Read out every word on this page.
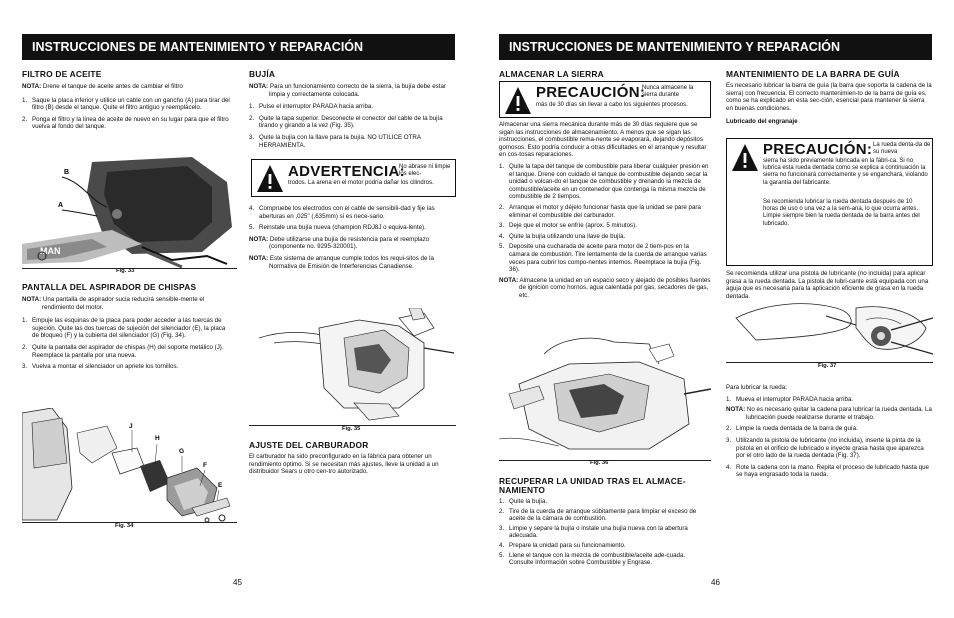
INSTRUCCIONES DE MANTENIMIENTO Y REPARACIÓN
FILTRO DE ACEITE
NOTA: Drene el tanque de aceite antes de cambiar el filtro
1. Saque la placa inferior y utilice un cable con un gancho (A) para tirar del filtro (B) desde el tanque. Quite el filtro antiguo y reemplácelo.
2. Ponga el filtro y la línea de aceite de nuevo en su lugar para que el filtro vuelva al fondo del tanque.
MAN
B
A
Fig. 33
PANTALLA DEL ASPIRADOR DE CHISPAS
NOTA: Una pantalla de aspirador sucia reducirá sensible-mente el rendimiento del motor.
1. Empuje las esquinas de la placa para poder acceder a las tuercas de sujeción. Quite las dos tuercas de sujeción del silenciador (E), la placa de bloqueo (F) y la cubierta del silenciador (G) (Fig. 34).
2. Quite la pantalla del aspirador de chispas (H) del soporte metálico (J). Reemplace la pantalla por una nueva.
3. Vuelva a montar el silenciador un apriete los tornillos.
J
H
G
F
E
Fig. 34
BUJÍA
NOTA: Para un funcionamiento correcto de la sierra, la bujía debe estar limpia y correctamente colocada.
1. Pulse el interruptor PARADA hacia arriba.
2. Quite la tapa superior. Desconecte el conector del cable de la bujía tirando y girando a la vez (Fig. 35).
3. Quite la bujía con la llave para la bujía. NO UTILICE OTRA HERRAMIENTA.
ADVERTENCIA:
No abrase ni limpie los elec-
trodos. La arena en el motor podría dañar los cilindros.
4. Compruebe los electrodos con el cable de sensibili-dad y fije las aberturas en ,025" (,635mm) si es nece-sario.
5. Reinstale una bujía nueva (champion RDJ8J o equiva-lente).
NOTA: Debe utilizarse una bujía de resistencia para el reemplazo (componente no. 9295-320001).
NOTA: Este sistema de arranque cumple todos los requi-sitos de la Normativa de Emisión de Interferencias Canadiense.
Fig. 35
AJUSTE DEL CARBURADOR
El carburador ha sido preconfigurado en la fábrica para obtener un rendimiento óptimo. Si se necesitan más ajustes, lleve la unidad a un distribuidor Sears u otro cen-tro autorizado.
45
INSTRUCCIONES DE MANTENIMIENTO Y REPARACIÓN
ALMACENAR LA SIERRA
PRECAUCIÓN:
Nunca almacene la sierra durante
más de 30 días sin llevar a cabo los siguientes procesos.
Almacenar una sierra mecánica durante más de 30 días requiere que se sigan las instrucciones de almacenamiento. A menos que se sigan las instrucciones, el combustible rema-nente se evaporará, dejando depósitos gomosos. Esto podría conducir a otras dificultades en el arranque y resultar en cos-tosas reparaciones.
1. Quite la tapa del tanque de combustible para liberar cualquier presión en el tanque. Drene con cuidado el tanque de combustible dejando secar la unidad o volcan-do el tanque de combustible y drenando la mezcla de combustible/aceite en un contenedor que contenga la misma mezcla de combustible de 2 tiempos.
2. Arranque el motor y déjelo funcionar hasta que la unidad se pare para eliminar el combustible del carburador.
3. Deje que el motor se enfríe (aprox. 5 minutos).
4. Quite la bujía utilizando una llave de bujía.
5. Deposite una cucharada de aceite para motor de 2 tiem-pos en la cámara de combustión. Tire lentamente de la cuerda de arranque varias veces para cubrir los compo-nentes internos. Reemplace la bujía (Fig. 36).
NOTA: Almacene la unidad en un espacio seco y alejado de posibles fuentes de ignición como hornos, agua calentada por gas, secadores de gas, etc.
Fig. 36
RECUPERAR LA UNIDAD TRAS EL ALMACE-NAMIENTO
1. Quite la bujía.
2. Tire de la cuerda de arranque súbitamente para limpiar el exceso de aceite de la cámara de combustión.
3. Limpie y separe la bujía o instale una bujía nueva con la abertura adecuada.
4. Prepare la unidad para su funcionamiento.
5. Llene el tanque con la mezcla de combustible/aceite ade-cuada. Consulte Información sobre Combustible y Engrase.
MANTENIMIENTO DE LA BARRA DE GUÍA
Es necesario lubricar la barra de guía (la barra que soporta la cadena de la sierra) con frecuencia. El correcto mantenimien-to de la barra de guía es, como se ha explicado en esta sec-ción, esencial para mantener la sierra en buenas condiciones.
Lubricado del engranaje
PRECAUCIÓN: La rueda denta-da de su nueva
sierra ha sido previamente lubricada en la fábri-ca. Si no lubrica esta rueda dentada como se explica a continuación la sierra no funcionará correctamente y se enganchará, violando la garantía del fabricante.
Se recomienda lubricar la rueda dentada después de 10 horas de uso o una vez a la sem-ana, lo que ocurra antes. Limpie siempre bien la rueda dentada de la barra antes del lubricado.
Se recomienda utilizar una pistola de lubricante (no incluida) para aplicar grasa a la rueda dentada. La pistola de lubri-cante está equipada con una aguja que es necesaria para la aplicación eficiente de grasa en la rueda dentada.
Fig. 37
Para lubricar la rueda:
1. Mueva el interruptor PARADA hacia arriba.
NOTA: No es necesario quitar la cadena para lubricar la rueda dentada. La lubricación puede realizarse durante el trabajo.
2. Limpie la rueda dentada de la barra de guía.
3. Utilizando la pistola de lubricante (no incluida), inserte la pinta de la pistola en el orificio de lubricado e inyecte grasa hasta que aparezca por el otro lado de la rueda dentada (Fig. 37).
4. Rote la cadena con la mano. Repita el proceso de lubricado hasta que se haya engrasado toda la rueda.
46
